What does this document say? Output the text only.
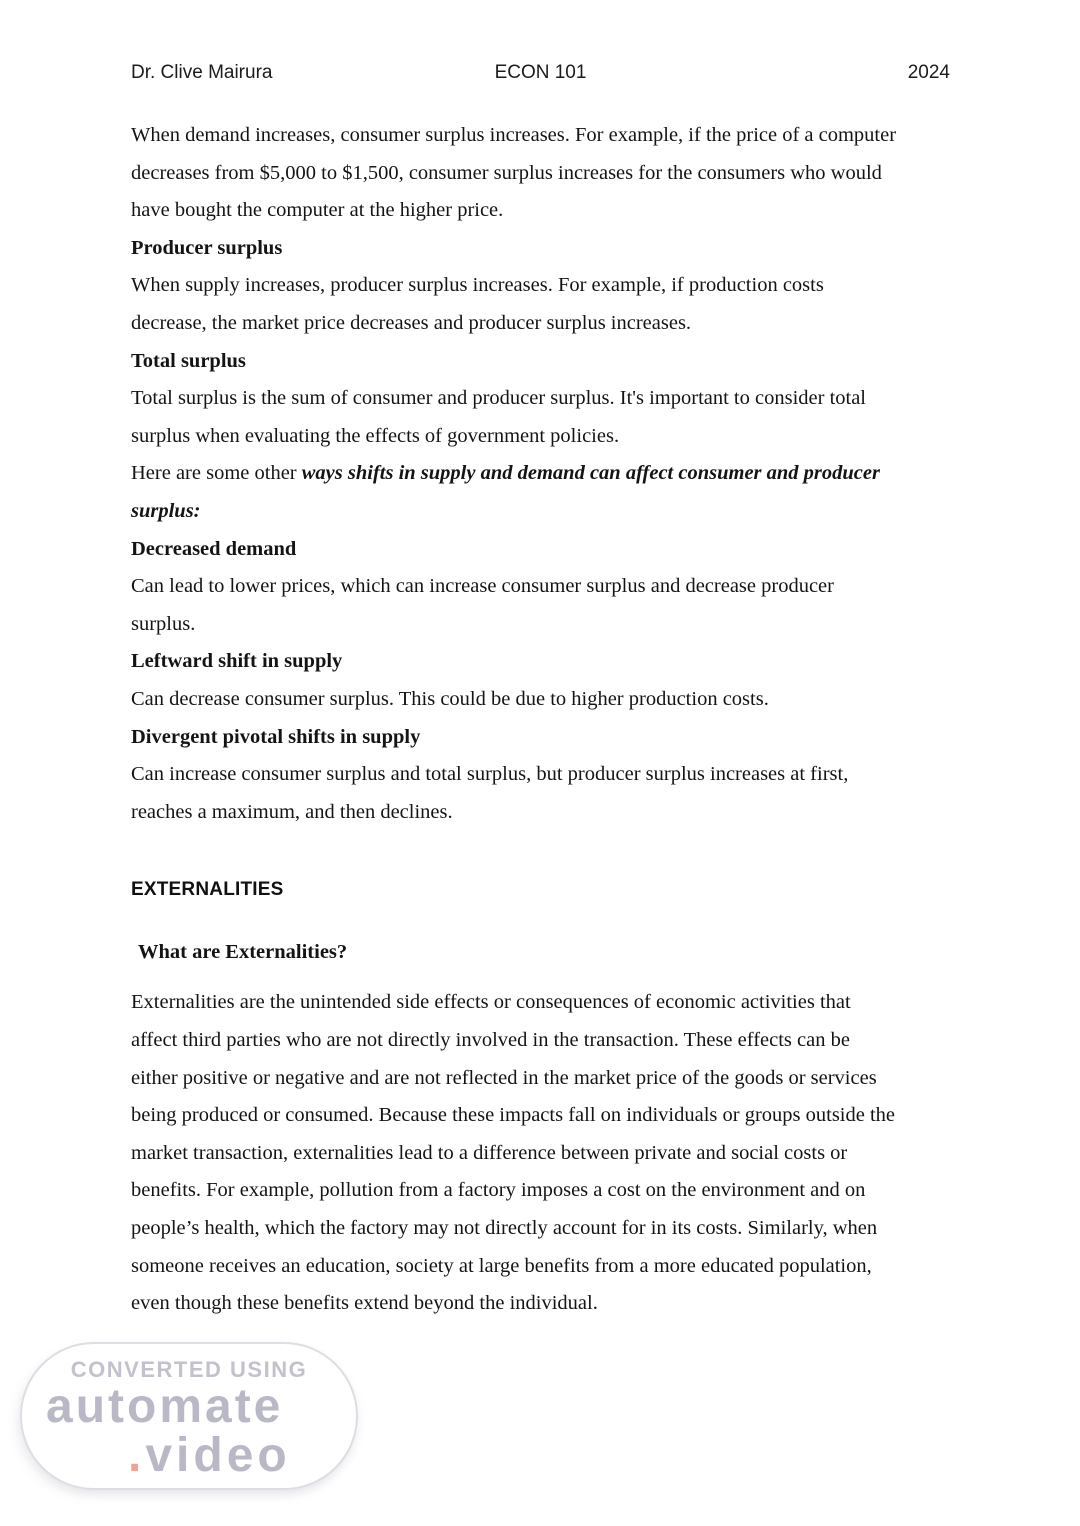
Dr. Clive Mairura	ECON 101	2024

When demand increases, consumer surplus increases. For example, if the price of a computer
decreases from $5,000 to $1,500, consumer surplus increases for the consumers who would
have bought the computer at the higher price.

Producer surplus

When supply increases, producer surplus increases. For example, if production costs
decrease, the market price decreases and producer surplus increases.

Total surplus

Total surplus is the sum of consumer and producer surplus. It's important to consider total
surplus when evaluating the effects of government policies.

Here are some other ways shifts in supply and demand can affect consumer and producer
surplus:

Decreased demand

Can lead to lower prices, which can increase consumer surplus and decrease producer
surplus.

Leftward shift in supply

Can decrease consumer surplus. This could be due to higher production costs.

Divergent pivotal shifts in supply

Can increase consumer surplus and total surplus, but producer surplus increases at first,
reaches a maximum, and then declines.

EXTERNALITIES

What are Externalities?

Externalities are the unintended side effects or consequences of economic activities that
affect third parties who are not directly involved in the transaction. These effects can be
either positive or negative and are not reflected in the market price of the goods or services
being produced or consumed. Because these impacts fall on individuals or groups outside the
market transaction, externalities lead to a difference between private and social costs or
benefits. For example, pollution from a factory imposes a cost on the environment and on
people’s health, which the factory may not directly account for in its costs. Similarly, when
someone receives an education, society at large benefits from a more educated population,
even though these benefits extend beyond the individual.

CONVERTED USING
automate
.video
